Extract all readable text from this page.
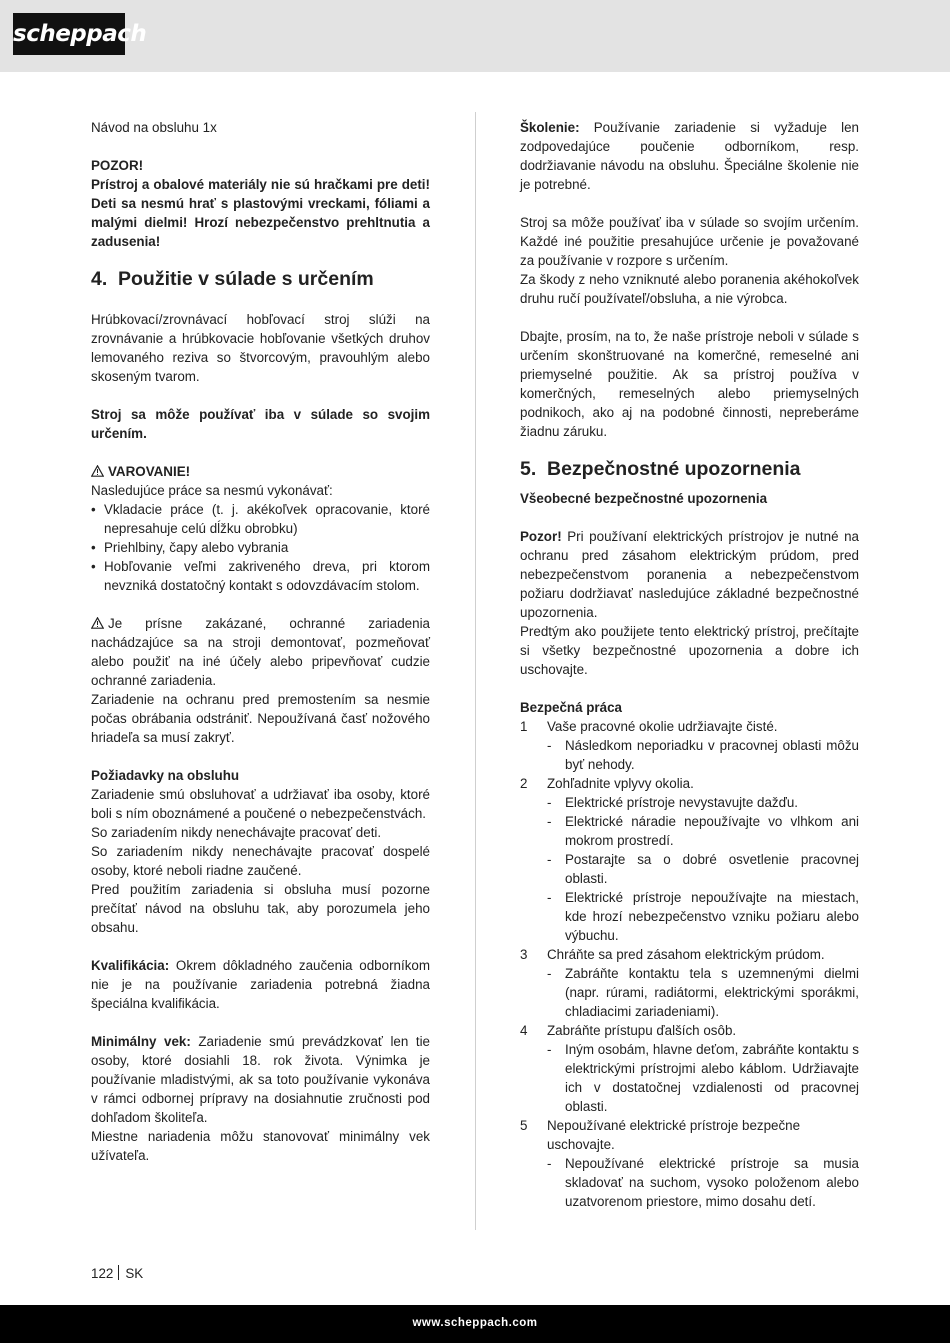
scheppach

Návod na obsluhu 1x

POZOR!

Prístroj a obalové materiály nie sú hračkami pre deti! Deti sa nesmú hrať s plastovými vreckami, fóliami a malými dielmi! Hrozí nebezpečenstvo prehltnutia a zadusenia!

4. Použitie v súlade s určením

Hrúbkovací/zrovnávací hobľovací stroj slúži na zrovnávanie a hrúbkovacie hobľovanie všetkých druhov lemovaného reziva so štvorcovým, pravouhlým alebo skoseným tvarom.

Stroj sa môže používať iba v súlade so svojim určením.

VAROVANIE!

Nasledujúce práce sa nesmú vykonávať:

• Vkladacie práce (t. j. akékoľvek opracovanie, ktoré nepresahuje celú dĺžku obrobku)
• Priehlbiny, čapy alebo vybrania
• Hobľovanie veľmi zakriveného dreva, pri ktorom nevzniká dostatočný kontakt s odovzdávacím stolom.

Je prísne zakázané, ochranné zariadenia nachádzajúce sa na stroji demontovať, pozmeňovať alebo použiť na iné účely alebo pripevňovať cudzie ochranné zariadenia.

Zariadenie na ochranu pred premostením sa nesmie počas obrábania odstrániť. Nepoužívaná časť nožového hriadeľa sa musí zakryť.

Požiadavky na obsluhu

Zariadenie smú obsluhovať a udržiavať iba osoby, ktoré boli s ním oboznámené a poučené o nebezpečenstvách.

So zariadením nikdy nenechávajte pracovať deti.

So zariadením nikdy nenechávajte pracovať dospelé osoby, ktoré neboli riadne zaučené.

Pred použitím zariadenia si obsluha musí pozorne prečítať návod na obsluhu tak, aby porozumela jeho obsahu.

Kvalifikácia: Okrem dôkladného zaučenia odborníkom nie je na používanie zariadenia potrebná žiadna špeciálna kvalifikácia.

Minimálny vek: Zariadenie smú prevádzkovať len tie osoby, ktoré dosiahli 18. rok života. Výnimka je používanie mladistvými, ak sa toto používanie vykonáva v rámci odbornej prípravy na dosiahnutie zručnosti pod dohľadom školiteľa.

Miestne nariadenia môžu stanovovať minimálny vek užívateľa.

Školenie: Používanie zariadenie si vyžaduje len zodpovedajúce poučenie odborníkom, resp. dodržiavanie návodu na obsluhu. Špeciálne školenie nie je potrebné.

Stroj sa môže používať iba v súlade so svojím určením. Každé iné použitie presahujúce určenie je považované za používanie v rozpore s určením.

Za škody z neho vzniknuté alebo poranenia akéhokoľvek druhu ručí používateľ/obsluha, a nie výrobca.

Dbajte, prosím, na to, že naše prístroje neboli v súlade s určením skonštruované na komerčné, remeselné ani priemyselné použitie. Ak sa prístroj používa v komerčných, remeselných alebo priemyselných podnikoch, ako aj na podobné činnosti, nepreberáme žiadnu záruku.

5. Bezpečnostné upozornenia

Všeobecné bezpečnostné upozornenia

Pozor! Pri používaní elektrických prístrojov je nutné na ochranu pred zásahom elektrickým prúdom, pred nebezpečenstvom poranenia a nebezpečenstvom požiaru dodržiavať nasledujúce základné bezpečnostné upozornenia.

Predtým ako použijete tento elektrický prístroj, prečítajte si všetky bezpečnostné upozornenia a dobre ich uschovajte.

Bezpečná práca

1 Vaše pracovné okolie udržiavajte čisté.
- Následkom neporiadku v pracovnej oblasti môžu byť nehody.
2 Zohľadnite vplyvy okolia.
- Elektrické prístroje nevystavujte dažďu.
- Elektrické náradie nepoužívajte vo vlhkom ani mokrom prostredí.
- Postarajte sa o dobré osvetlenie pracovnej oblasti.
- Elektrické prístroje nepoužívajte na miestach, kde hrozí nebezpečenstvo vzniku požiaru alebo výbuchu.
3 Chráňte sa pred zásahom elektrickým prúdom.
- Zabráňte kontaktu tela s uzemnenými dielmi (napr. rúrami, radiátormi, elektrickými sporákmi, chladiacimi zariadeniami).
4 Zabráňte prístupu ďalších osôb.
- Iným osobám, hlavne deťom, zabráňte kontaktu s elektrickými prístrojmi alebo káblom. Udržiavajte ich v dostatočnej vzdialenosti od pracovnej oblasti.
5 Nepoužívané elektrické prístroje bezpečne uschovajte.
- Nepoužívané elektrické prístroje sa musia skladovať na suchom, vysoko položenom alebo uzatvorenom priestore, mimo dosahu detí.
122 SK
www.scheppach.com
